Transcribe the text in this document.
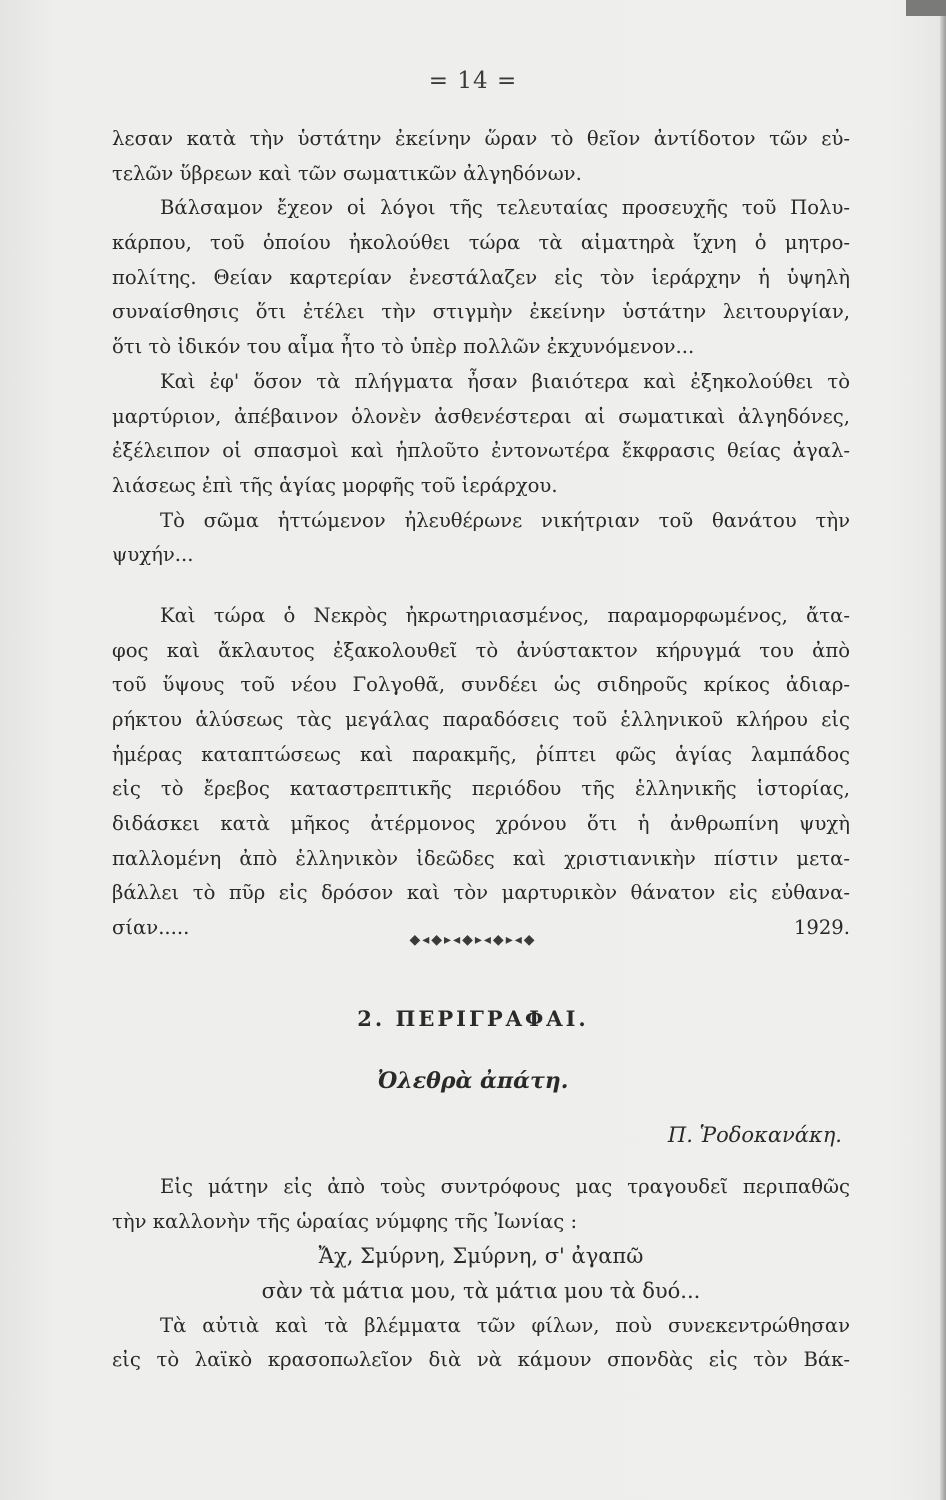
= 14 =
λεσαν κατὰ τὴν ὑστάτην ἐκείνην ὥραν τὸ θεῖον ἀντίδοτον τῶν εὐ-
τελῶν ὕβρεων καὶ τῶν σωματικῶν ἀλγηδόνων.
Βάλσαμον ἔχεον οἱ λόγοι τῆς τελευταίας προσευχῆς τοῦ Πολυ-
κάρπου, τοῦ ὁποίου ἠκολούθει τώρα τὰ αἱματηρὰ ἴχνη ὁ μητρο-
πολίτης. Θείαν καρτερίαν ἐνεστάλαζεν εἰς τὸν ἱεράρχην ἡ ὑψηλὴ
συναίσθησις ὅτι ἐτέλει τὴν στιγμὴν ἐκείνην ὑστάτην λειτουργίαν,
ὅτι τὸ ἰδικόν του αἷμα ἦτο τὸ ὑπὲρ πολλῶν ἐκχυνόμενον...
Καὶ ἐφ' ὅσον τὰ πλήγματα ἦσαν βιαιότερα καὶ ἐξηκολούθει τὸ
μαρτύριον, ἀπέβαινον ὁλονὲν ἀσθενέστεραι αἱ σωματικαὶ ἀλγηδόνες,
ἐξέλειπον οἱ σπασμοὶ καὶ ἡπλοῦτο ἐντονωτέρα ἔκφρασις θείας ἀγαλ-
λιάσεως ἐπὶ τῆς ἁγίας μορφῆς τοῦ ἱεράρχου.
Τὸ σῶμα ἡττώμενον ἠλευθέρωνε νικήτριαν τοῦ θανάτου τὴν
ψυχήν...
Καὶ τώρα ὁ Νεκρὸς ἠκρωτηριασμένος, παραμορφωμένος, ἄτα-
φος καὶ ἄκλαυτος ἐξακολουθεῖ τὸ ἀνύστακτον κήρυγμά του ἀπὸ
τοῦ ὕψους τοῦ νέου Γολγοθᾶ, συνδέει ὡς σιδηροῦς κρίκος ἀδιαρ-
ρήκτου ἁλύσεως τὰς μεγάλας παραδόσεις τοῦ ἑλληνικοῦ κλήρου εἰς
ἡμέρας καταπτώσεως καὶ παρακμῆς, ῥίπτει φῶς ἁγίας λαμπάδος
εἰς τὸ ἔρεβος καταστρεπτικῆς περιόδου τῆς ἑλληνικῆς ἱστορίας,
διδάσκει κατὰ μῆκος ἀτέρμονος χρόνου ὅτι ἡ ἀνθρωπίνη ψυχὴ
παλλομένη ἀπὸ ἑλληνικὸν ἰδεῶδες καὶ χριστιανικὴν πίστιν μετα-
βάλλει τὸ πῦρ εἰς δρόσον καὶ τὸν μαρτυρικὸν θάνατον εἰς εὐθανα-
σίαν.....	1929.
◆◂◆▸◂◆▸◂◆▸◂◆
2. ΠΕΡΙΓΡΑΦΑΙ.
Ὀλεθρὰ ἀπάτη.
Π. Ῥοδοκανάκη.
Εἰς μάτην εἰς ἀπὸ τοὺς συντρόφους μας τραγουδεῖ περιπαθῶς
τὴν καλλονὴν τῆς ὡραίας νύμφης τῆς Ἰωνίας :
Ἄχ, Σμύρνη, Σμύρνη, σ' ἀγαπῶ
σὰν τὰ μάτια μου, τὰ μάτια μου τὰ δυό...
Τὰ αὐτιὰ καὶ τὰ βλέμματα τῶν φίλων, ποὺ συνεκεντρώθησαν
εἰς τὸ λαϊκὸ κρασοπωλεῖον διὰ νὰ κάμουν σπονδὰς εἰς τὸν Βάκ-
